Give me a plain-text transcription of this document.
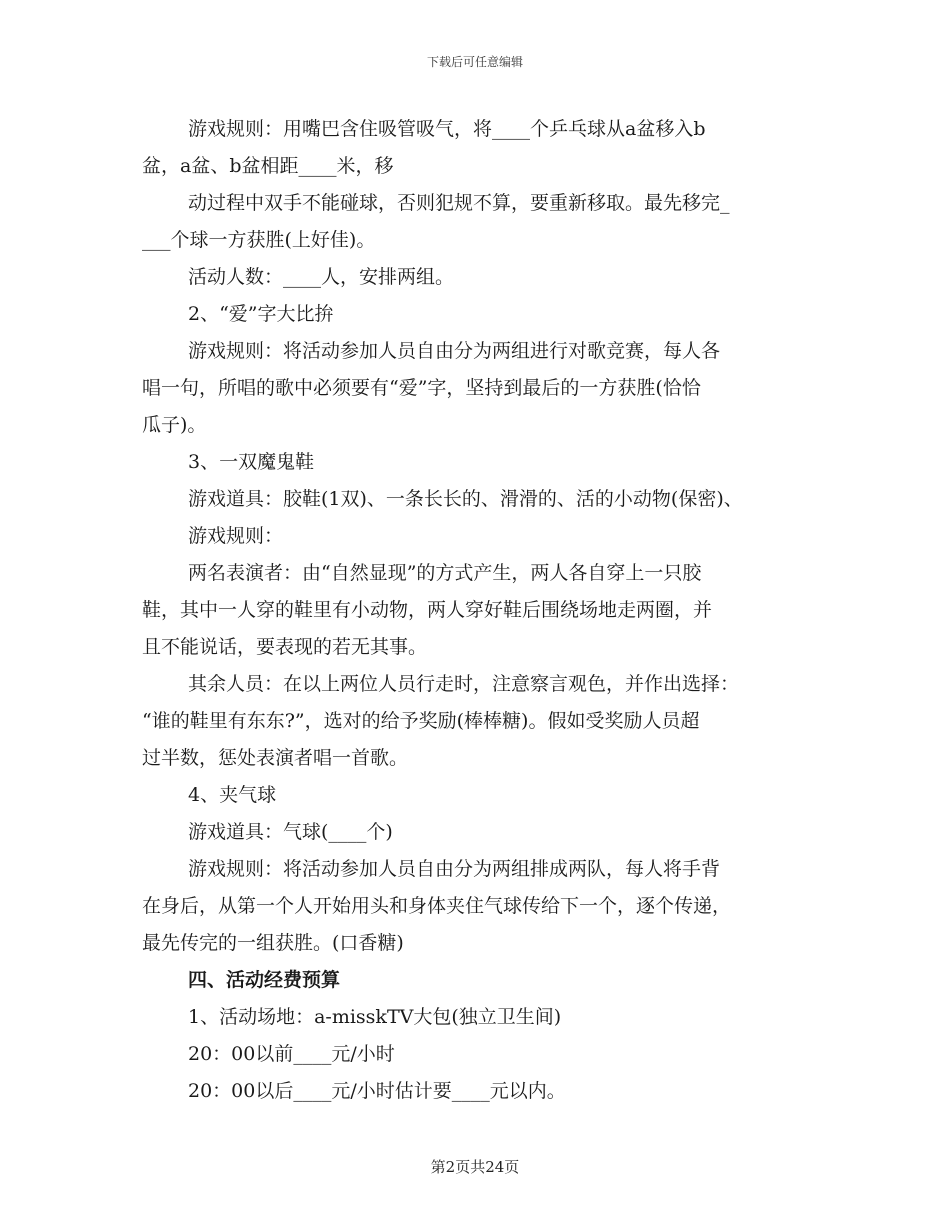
下载后可任意编辑
游戏规则：用嘴巴含住吸管吸气，将____个乒乓球从a盆移入b
盆，a盆、b盆相距____米，移
动过程中双手不能碰球，否则犯规不算，要重新移取。最先移完_
___个球一方获胜(上好佳)。
活动人数：____人，安排两组。
2、“爱”字大比拚
游戏规则：将活动参加人员自由分为两组进行对歌竞赛，每人各
唱一句，所唱的歌中必须要有“爱”字，坚持到最后的一方获胜(恰恰
瓜子)。
3、一双魔鬼鞋
游戏道具：胶鞋(1双)、一条长长的、滑滑的、活的小动物(保密)、
游戏规则：
两名表演者：由“自然显现”的方式产生，两人各自穿上一只胶
鞋，其中一人穿的鞋里有小动物，两人穿好鞋后围绕场地走两圈，并
且不能说话，要表现的若无其事。
其余人员：在以上两位人员行走时，注意察言观色，并作出选择：
“谁的鞋里有东东?”，选对的给予奖励(棒棒糖)。假如受奖励人员超
过半数，惩处表演者唱一首歌。
4、夹气球
游戏道具：气球(____个)
游戏规则：将活动参加人员自由分为两组排成两队，每人将手背
在身后，从第一个人开始用头和身体夹住气球传给下一个，逐个传递，
最先传完的一组获胜。(口香糖)
四、活动经费预算
1、活动场地：a-misskTV大包(独立卫生间)
20：00以前____元/小时
20：00以后____元/小时估计要____元以内。
第2页共24页
